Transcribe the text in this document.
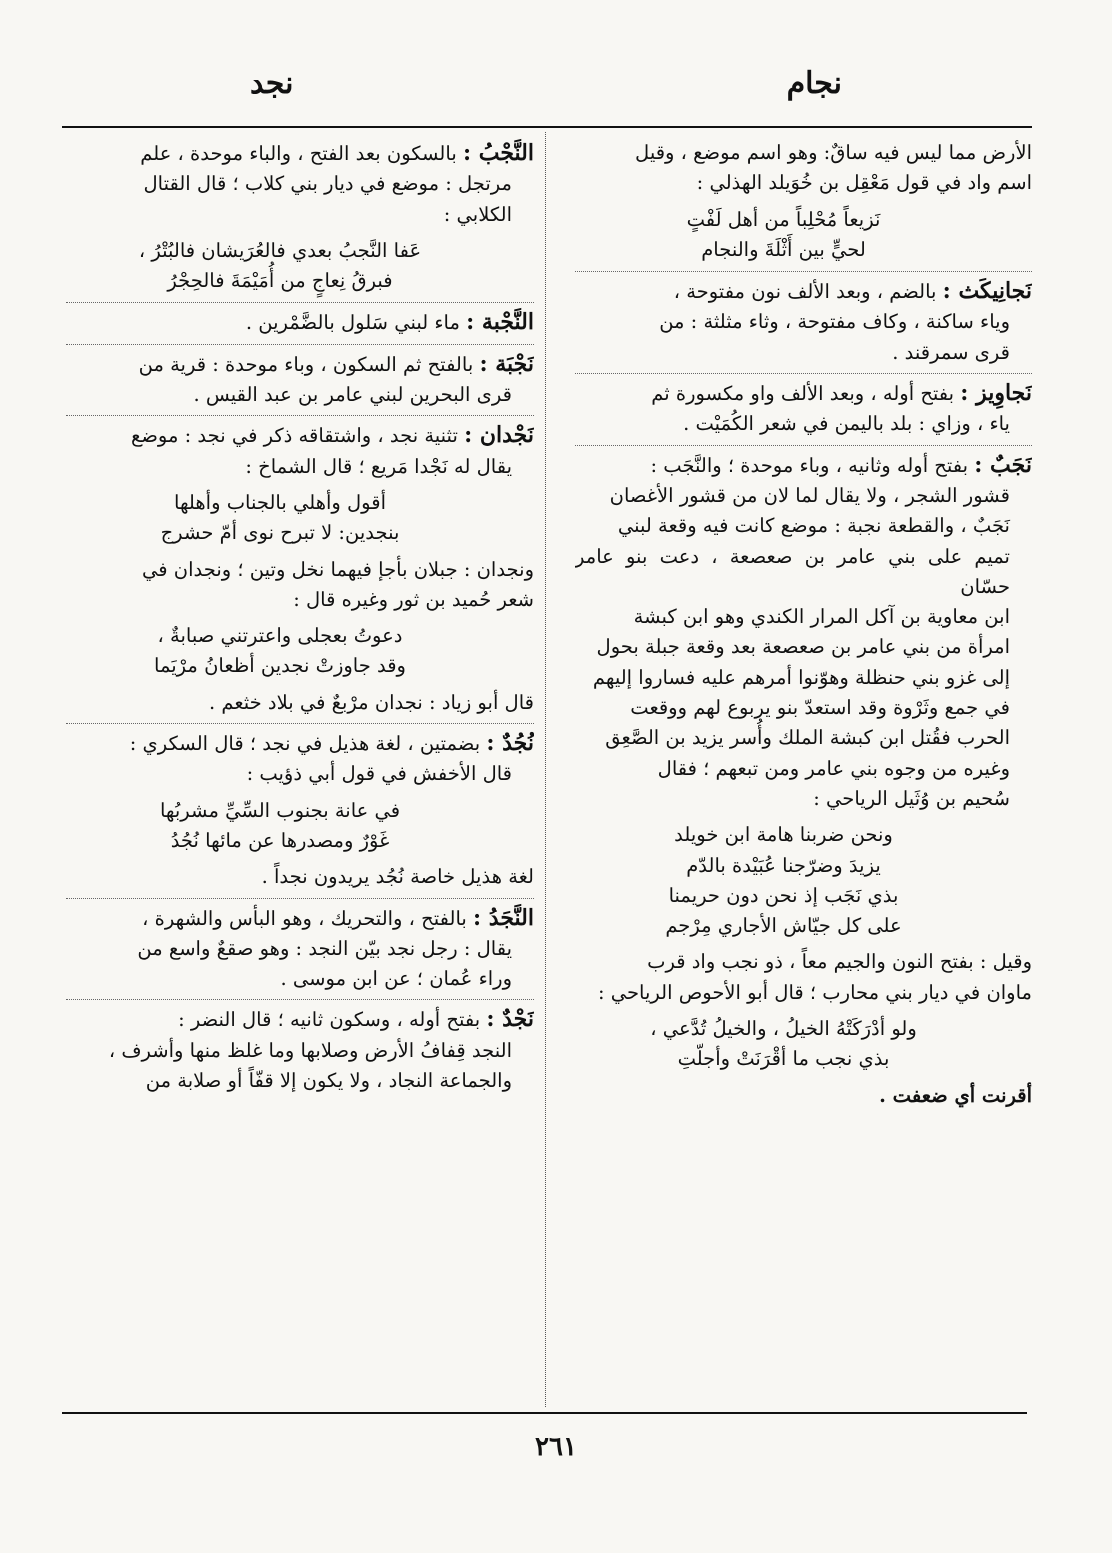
نجام
نجد

الأرض مما ليس فيه ساقٌ: وهو اسم موضع ، وقيل

اسم واد في قول مَعْقِل بن خُوَيلد الهذلي :

نَزيعاً مُحْلِباً من أهل لَفْتٍ
لحيٍّ بين أَثْلَةَ والنجام

نَجانِيكَث : بالضم ، وبعد الألف نون مفتوحة ،

وياء ساكنة ، وكاف مفتوحة ، وثاء مثلثة : من

قرى سمرقند .

نَجاوِيز : بفتح أوله ، وبعد الألف واو مكسورة ثم

ياء ، وزاي : بلد باليمن في شعر الكُمَيْت .

نَجَبٌ : بفتح أوله وثانيه ، وباء موحدة ؛ والنَّجَب :

قشور الشجر ، ولا يقال لما لان من قشور الأغصان

نَجَبٌ ، والقطعة نجبة : موضع كانت فيه وقعة لبني

تميم على بني عامر بن صعصعة ، دعت بنو عامر حسّان

ابن معاوية بن آكل المرار الكندي وهو ابن كبشة

امرأة من بني عامر بن صعصعة بعد وقعة جبلة بحول

إلى غزو بني حنظلة وهوّنوا أمرهم عليه فساروا إليهم

في جمع وثَرْوة وقد استعدّ بنو يربوع لهم ووقعت

الحرب فقُتل ابن كبشة الملك وأُسر يزيد بن الصَّعِق

وغيره من وجوه بني عامر ومن تبعهم ؛ فقال

سُحيم بن وُثَيل الرياحي :

ونحن ضربنا هامة ابن خويلد
يزيدَ وضرّجنا عُبَيْدة بالدّم
بذي نَجَب إذ نحن دون حريمنا
على كل جيّاش الأجاري مِرْجم

وقيل : بفتح النون والجيم معاً ، ذو نجب واد قرب

ماوان في ديار بني محارب ؛ قال أبو الأحوص الرياحي :

ولو أدْرَكَتْهُ الخيلُ ، والخيلُ تُدَّعي ،
بذي نجب ما أقْرَنَتْ وأجلّتِ

أقرنت أي ضعفت .

النَّجْبُ : بالسكون بعد الفتح ، والباء موحدة ، علم

مرتجل : موضع في ديار بني كلاب ؛ قال القتال

الكلابي :

عَفا النَّجبُ بعدي فالعُرَيشان فالبُتْرُ ،
فبرقُ نِعاجٍ من أُمَيْمَةَ فالحِجْرُ

النَّجْبة : ماء لبني سَلول بالضَّمْرين .

نَجْبَة : بالفتح ثم السكون ، وباء موحدة : قرية من

قرى البحرين لبني عامر بن عبد القيس .

نَجْدان : تثنية نجد ، واشتقاقه ذكر في نجد : موضع

يقال له نَجْدا مَريع ؛ قال الشماخ :

أقول وأهلي بالجناب وأهلها
بنجدين: لا تبرح نوى أمّ حشرج

ونجدان : جبلان بأجإ فيهما نخل وتين ؛ ونجدان في

شعر حُميد بن ثور وغيره قال :

دعوتُ بعجلى واعترتني صبابةٌ ،
وقد جاوزتْ نجدين أظعانُ مرْيَما

قال أبو زياد : نجدان مرْبعٌ في بلاد خثعم .

نُجُدٌ : بضمتين ، لغة هذيل في نجد ؛ قال السكري :

قال الأخفش في قول أبي ذؤيب :

في عانة بجنوب السِّيِّ مشربُها
غَوْرٌ ومصدرها عن مائها نُجُدُ

لغة هذيل خاصة نُجُد يريدون نجداً .

النَّجَدُ : بالفتح ، والتحريك ، وهو البأس والشهرة ،

يقال : رجل نجد بيّن النجد : وهو صقعٌ واسع من

وراء عُمان ؛ عن ابن موسى .

نَجْدٌ : بفتح أوله ، وسكون ثانيه ؛ قال النضر :

النجد قِفافُ الأرض وصلابها وما غلظ منها وأشرف ،

والجماعة النجاد ، ولا يكون إلا قفّاً أو صلابة من

٢٦١
